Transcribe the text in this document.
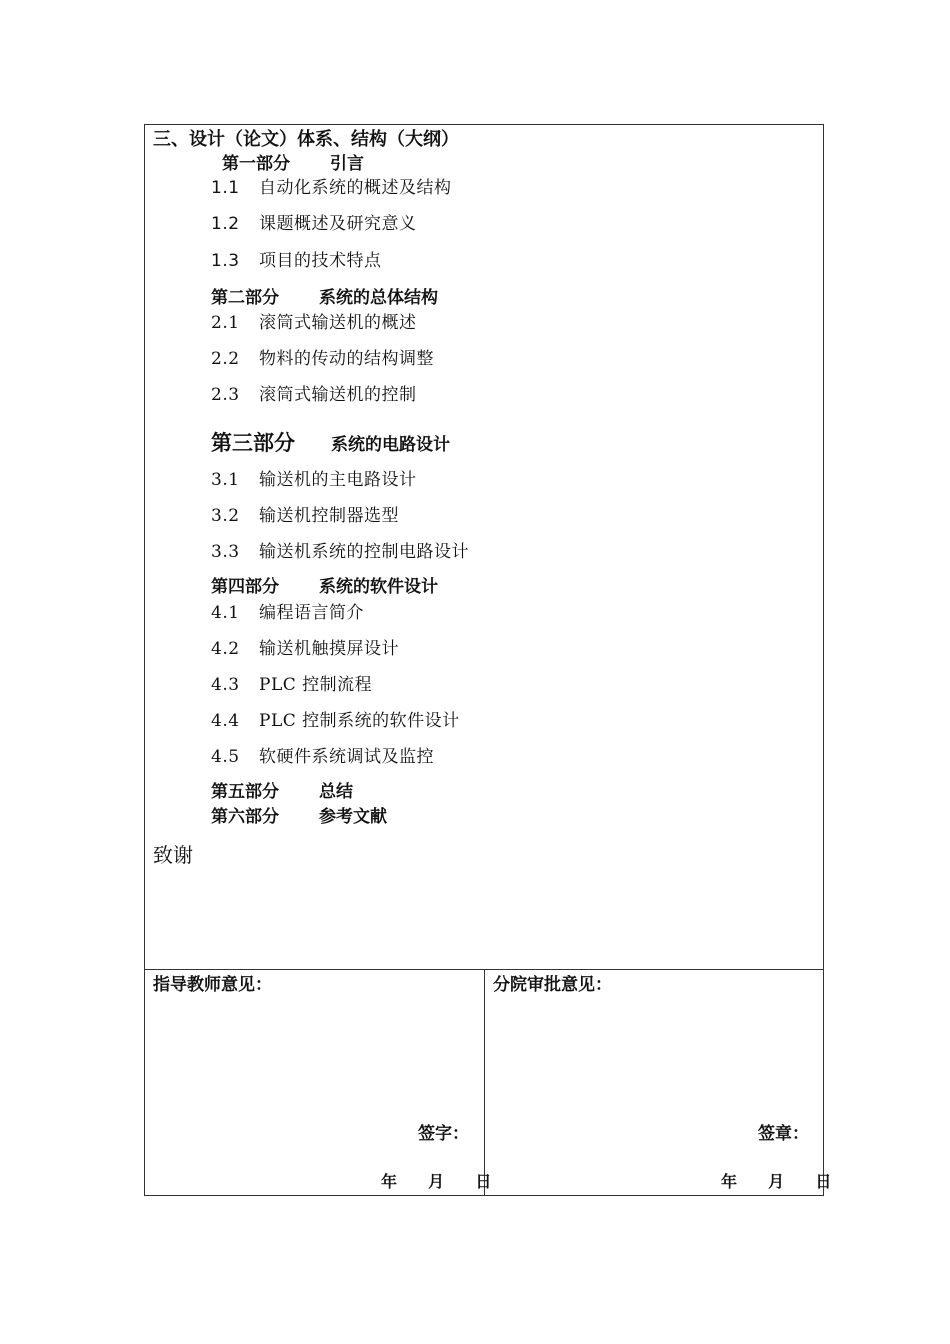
三、设计（论文）体系、结构（大纲）
第一部分 引言
1.1 自动化系统的概述及结构
1.2 课题概述及研究意义
1.3 项目的技术特点
第二部分 系统的总体结构
2.1 滚筒式输送机的概述
2.2 物料的传动的结构调整
2.3 滚筒式输送机的控制
第三部分 系统的电路设计
3.1 输送机的主电路设计
3.2 输送机控制器选型
3.3 输送机系统的控制电路设计
第四部分 系统的软件设计
4.1 编程语言简介
4.2 输送机触摸屏设计
4.3 PLC 控制流程
4.4 PLC 控制系统的软件设计
4.5 软硬件系统调试及监控
第五部分 总结
第六部分 参考文献
致谢
指导教师意见：
签字：
年 月 日
分院审批意见：
签章：
年 月 日
